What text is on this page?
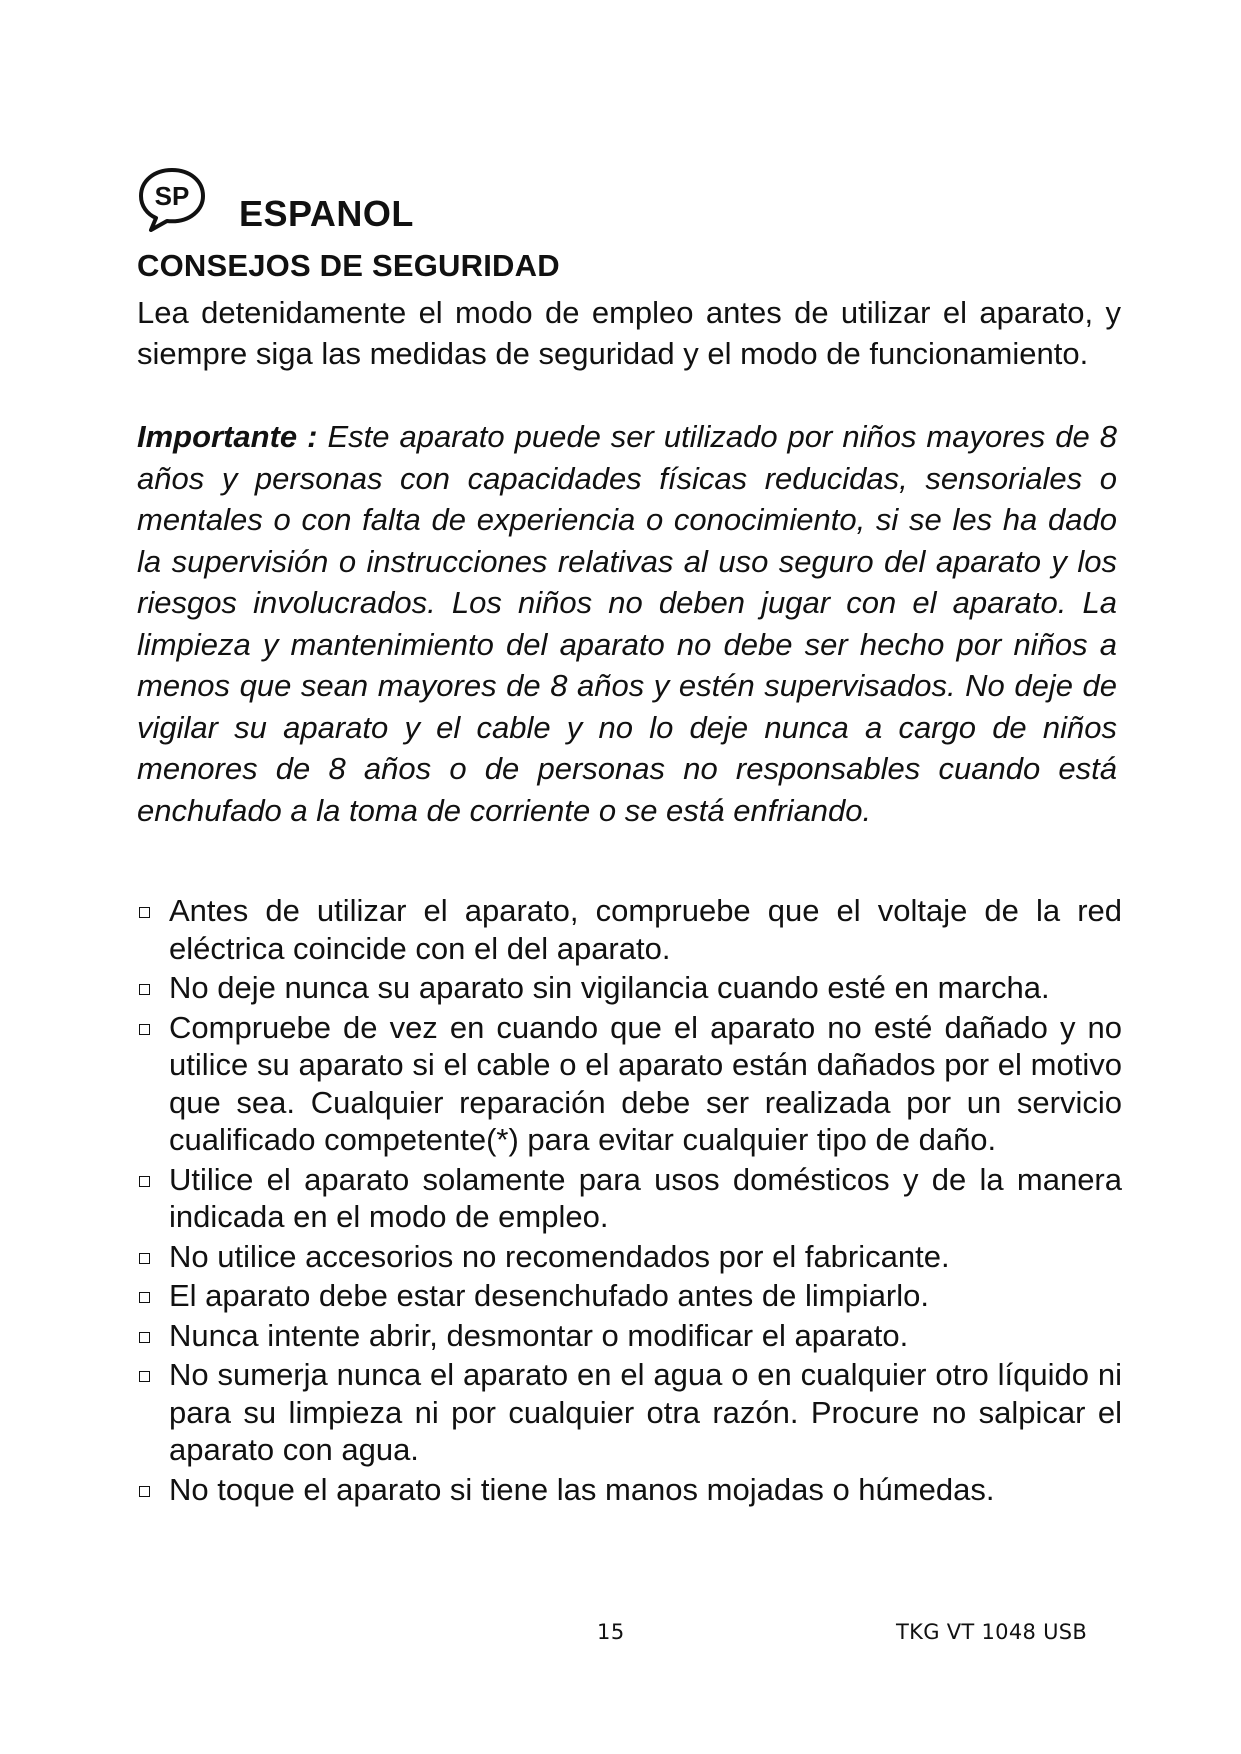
SP ESPANOL
CONSEJOS DE SEGURIDAD

Lea detenidamente el modo de empleo antes de utilizar el aparato, y siempre siga las medidas de seguridad y el modo de funcionamiento.

Importante : Este aparato puede ser utilizado por niños mayores de 8 años y personas con capacidades físicas reducidas, sensoriales o mentales o con falta de experiencia o conocimiento, si se les ha dado la supervisión o instrucciones relativas al uso seguro del aparato y los riesgos involucrados. Los niños no deben jugar con el aparato. La limpieza y mantenimiento del aparato no debe ser hecho por niños a menos que sean mayores de 8 años y estén supervisados. No deje de vigilar su aparato y el cable y no lo deje nunca a cargo de niños menores de 8 años o de personas no responsables cuando está enchufado a la toma de corriente o se está enfriando.

Antes de utilizar el aparato, compruebe que el voltaje de la red eléctrica coincide con el del aparato.
No deje nunca su aparato sin vigilancia cuando esté en marcha.
Compruebe de vez en cuando que el aparato no esté dañado y no utilice su aparato si el cable o el aparato están dañados por el motivo que sea. Cualquier reparación debe ser realizada por un servicio cualificado competente(*) para evitar cualquier tipo de daño.
Utilice el aparato solamente para usos domésticos y de la manera indicada en el modo de empleo.
No utilice accesorios no recomendados por el fabricante.
El aparato debe estar desenchufado antes de limpiarlo.
Nunca intente abrir, desmontar o modificar el aparato.
No sumerja nunca el aparato en el agua o en cualquier otro líquido ni para su limpieza ni por cualquier otra razón. Procure no salpicar el aparato con agua.
No toque el aparato si tiene las manos mojadas o húmedas.
15	TKG VT 1048 USB
